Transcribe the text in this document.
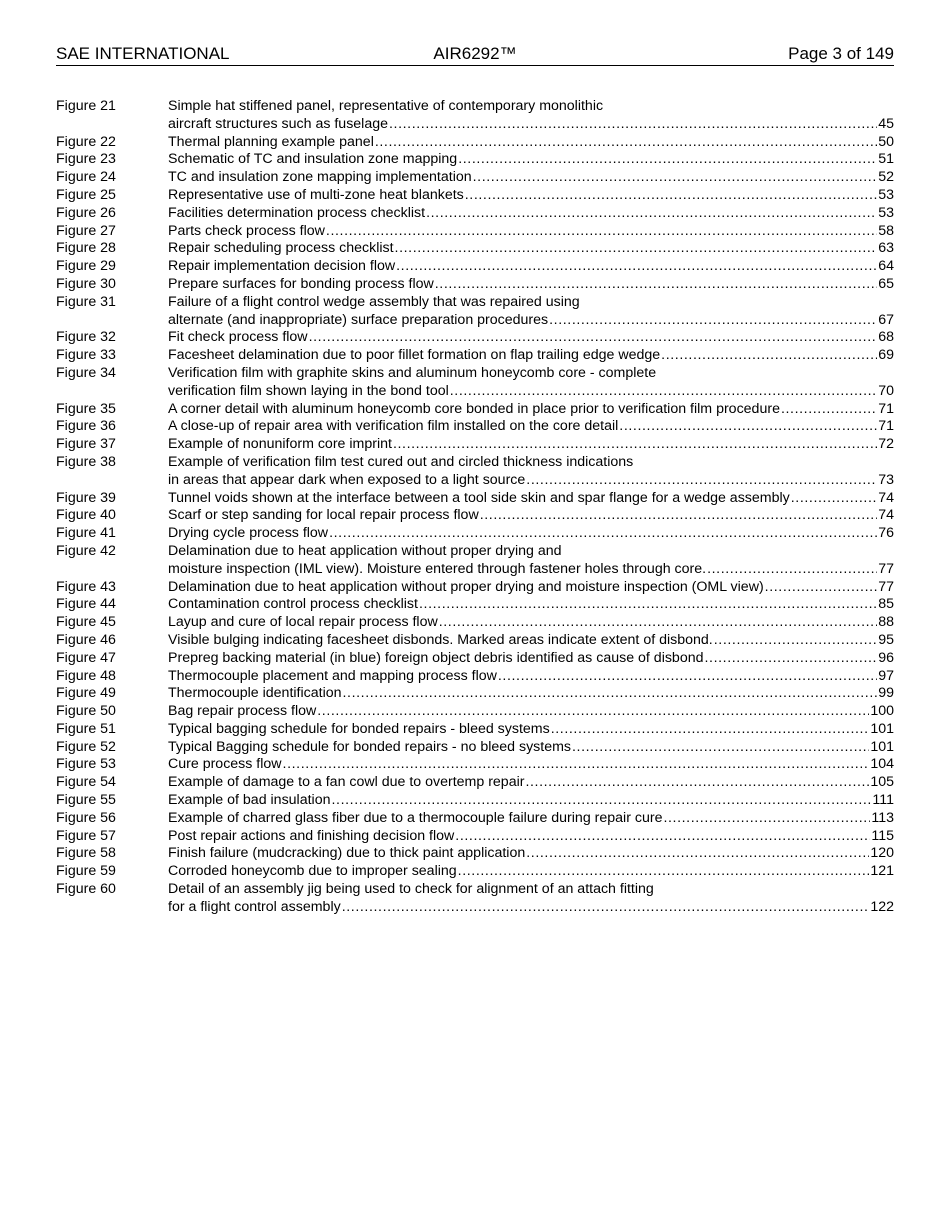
SAE INTERNATIONAL	AIR6292™	Page 3 of 149
Figure 21	Simple hat stiffened panel, representative of contemporary monolithic
aircraft structures such as fuselage .....	45
Figure 22	Thermal planning example panel .....	50
Figure 23	Schematic of TC and insulation zone mapping .....	51
Figure 24	TC and insulation zone mapping implementation .....	52
Figure 25	Representative use of multi-zone heat blankets .....	53
Figure 26	Facilities determination process checklist .....	53
Figure 27	Parts check process flow .....	58
Figure 28	Repair scheduling process checklist .....	63
Figure 29	Repair implementation decision flow .....	64
Figure 30	Prepare surfaces for bonding process flow .....	65
Figure 31	Failure of a flight control wedge assembly that was repaired using
alternate (and inappropriate) surface preparation procedures .....	67
Figure 32	Fit check process flow .....	68
Figure 33	Facesheet delamination due to poor fillet formation on flap trailing edge wedge .....	69
Figure 34	Verification film with graphite skins and aluminum honeycomb core - complete
verification film shown laying in the bond tool .....	70
Figure 35	A corner detail with aluminum honeycomb core bonded in place prior to verification film procedure .....	71
Figure 36	A close-up of repair area with verification film installed on the core detail .....	71
Figure 37	Example of nonuniform core imprint .....	72
Figure 38	Example of verification film test cured out and circled thickness indications
in areas that appear dark when exposed to a light source .....	73
Figure 39	Tunnel voids shown at the interface between a tool side skin and spar flange for a wedge assembly .....	74
Figure 40	Scarf or step sanding for local repair process flow .....	74
Figure 41	Drying cycle process flow .....	76
Figure 42	Delamination due to heat application without proper drying and
moisture inspection (IML view). Moisture entered through fastener holes through core. .....	77
Figure 43	Delamination due to heat application without proper drying and moisture inspection (OML view) .....	77
Figure 44	Contamination control process checklist .....	85
Figure 45	Layup and cure of local repair process flow .....	88
Figure 46	Visible bulging indicating facesheet disbonds. Marked areas indicate extent of disbond. .....	95
Figure 47	Prepreg backing material (in blue) foreign object debris identified as cause of disbond .....	96
Figure 48	Thermocouple placement and mapping process flow .....	97
Figure 49	Thermocouple identification .....	99
Figure 50	Bag repair process flow .....	100
Figure 51	Typical bagging schedule for bonded repairs - bleed systems .....	101
Figure 52	Typical Bagging schedule for bonded repairs - no bleed systems .....	101
Figure 53	Cure process flow .....	104
Figure 54	Example of damage to a fan cowl due to overtemp repair .....	105
Figure 55	Example of bad insulation .....	111
Figure 56	Example of charred glass fiber due to a thermocouple failure during repair cure .....	113
Figure 57	Post repair actions and finishing decision flow .....	115
Figure 58	Finish failure (mudcracking) due to thick paint application .....	120
Figure 59	Corroded honeycomb due to improper sealing .....	121
Figure 60	Detail of an assembly jig being used to check for alignment of an attach fitting
for a flight control assembly .....	122
